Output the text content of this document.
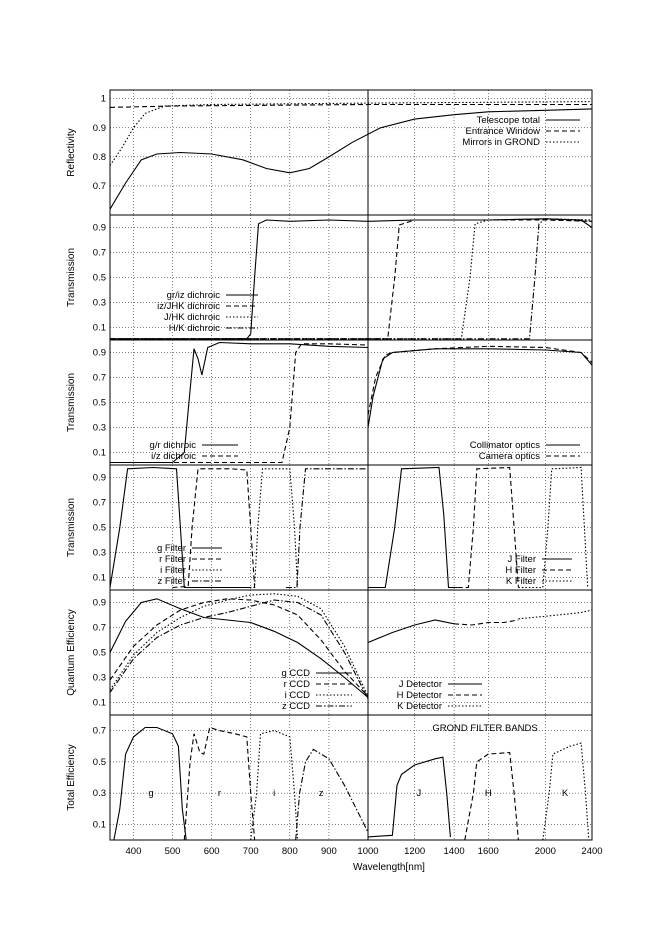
0.7
0.8
0.9
1
Reflectivity
Telescope total
Entrance Window
Mirrors in GROND
0.1
0.3
0.5
0.7
0.9
Transmission	gr/iz dichroic
iz/JHK dichroic
J/HK dichroic
H/K dichroic
0.1
0.3
0.5
0.7
0.9
Transmission
g/r dichroic
i/z dichroic
Collimator optics
Camera optics
0.1
0.3
0.5
0.7
0.9
Transmission	g Filter
r Filter
i Filter
z Filter
J Filter
H Filter
K Filter
0.1
0.3
0.5
0.7
0.9
Quantum Efficiency	g CCD
r CCD
i CCD
z CCD
J Detector
H Detector
K Detector
0.1
0.3
0.5
0.7
Total Efficiency	g	r	i	z	J	H	K
GROND FILTER BANDS
400 500 600 700 800 900 1000	1200 1400 1600	2000	2400
Wavelength[nm]
